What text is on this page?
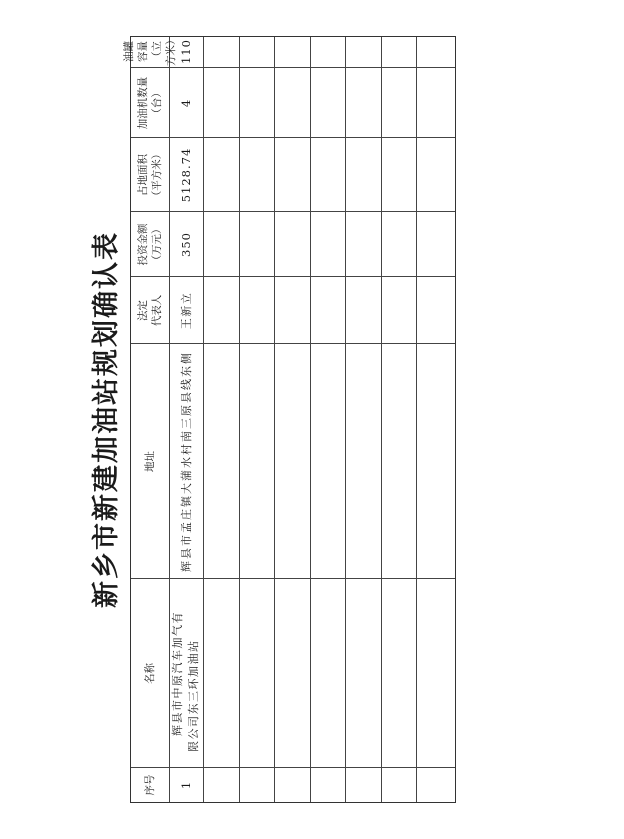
新乡市新建加油站规划确认表
序号
名称
地址
法定 代表人
投资金额 （万元）
占地面积 （平方米）
加油机数量 （台）
油罐容量 （立方米）
1
辉县市中原汽车加气有 限公司东三环加油站
辉县市孟庄镇大蒲水村南三原县线东侧
王新立
350
5128.74
4
110
